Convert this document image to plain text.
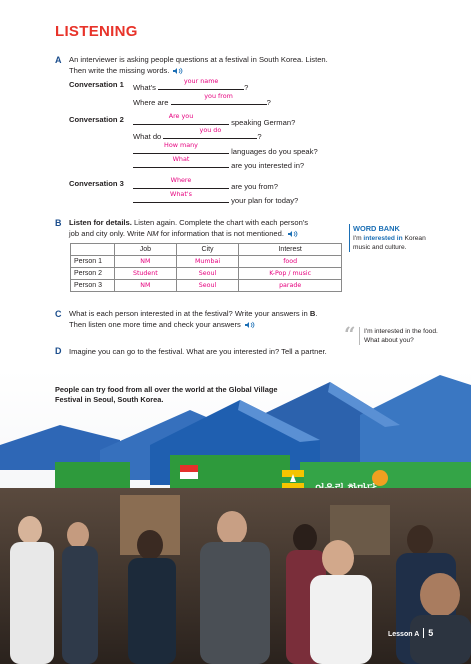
LISTENING
A An interviewer is asking people questions at a festival in South Korea. Listen.
Then write the missing words.
Conversation 1 What's
your name
?
Where are
you from
?
Conversation 2	Are you
speaking German?
What do
you do
?
How many
languages do you speak?
What
are you interested in?
Conversation 3	Where
are you from?
What's
your plan for today?
B Listen for details. Listen again. Complete the chart with each person's
job and city only. Write NM for information that is not mentioned.
	Job	City	Interest
Person 1	NM	Mumbai	food
Person 2	Student	Seoul	K-Pop / music
Person 3	NM	Seoul	parade
WORD BANK
I'm interested in Korean music and culture.
C What is each person interested in at the festival? Write your answers in B.
Then listen one more time and check your answers
D Imagine you can go to the festival. What are you interested in? Tell a partner.
“	I'm interested in the food. What about you?
People can try food from all over the world at the Global Village Festival in Seoul, South Korea.
Lesson A 5
